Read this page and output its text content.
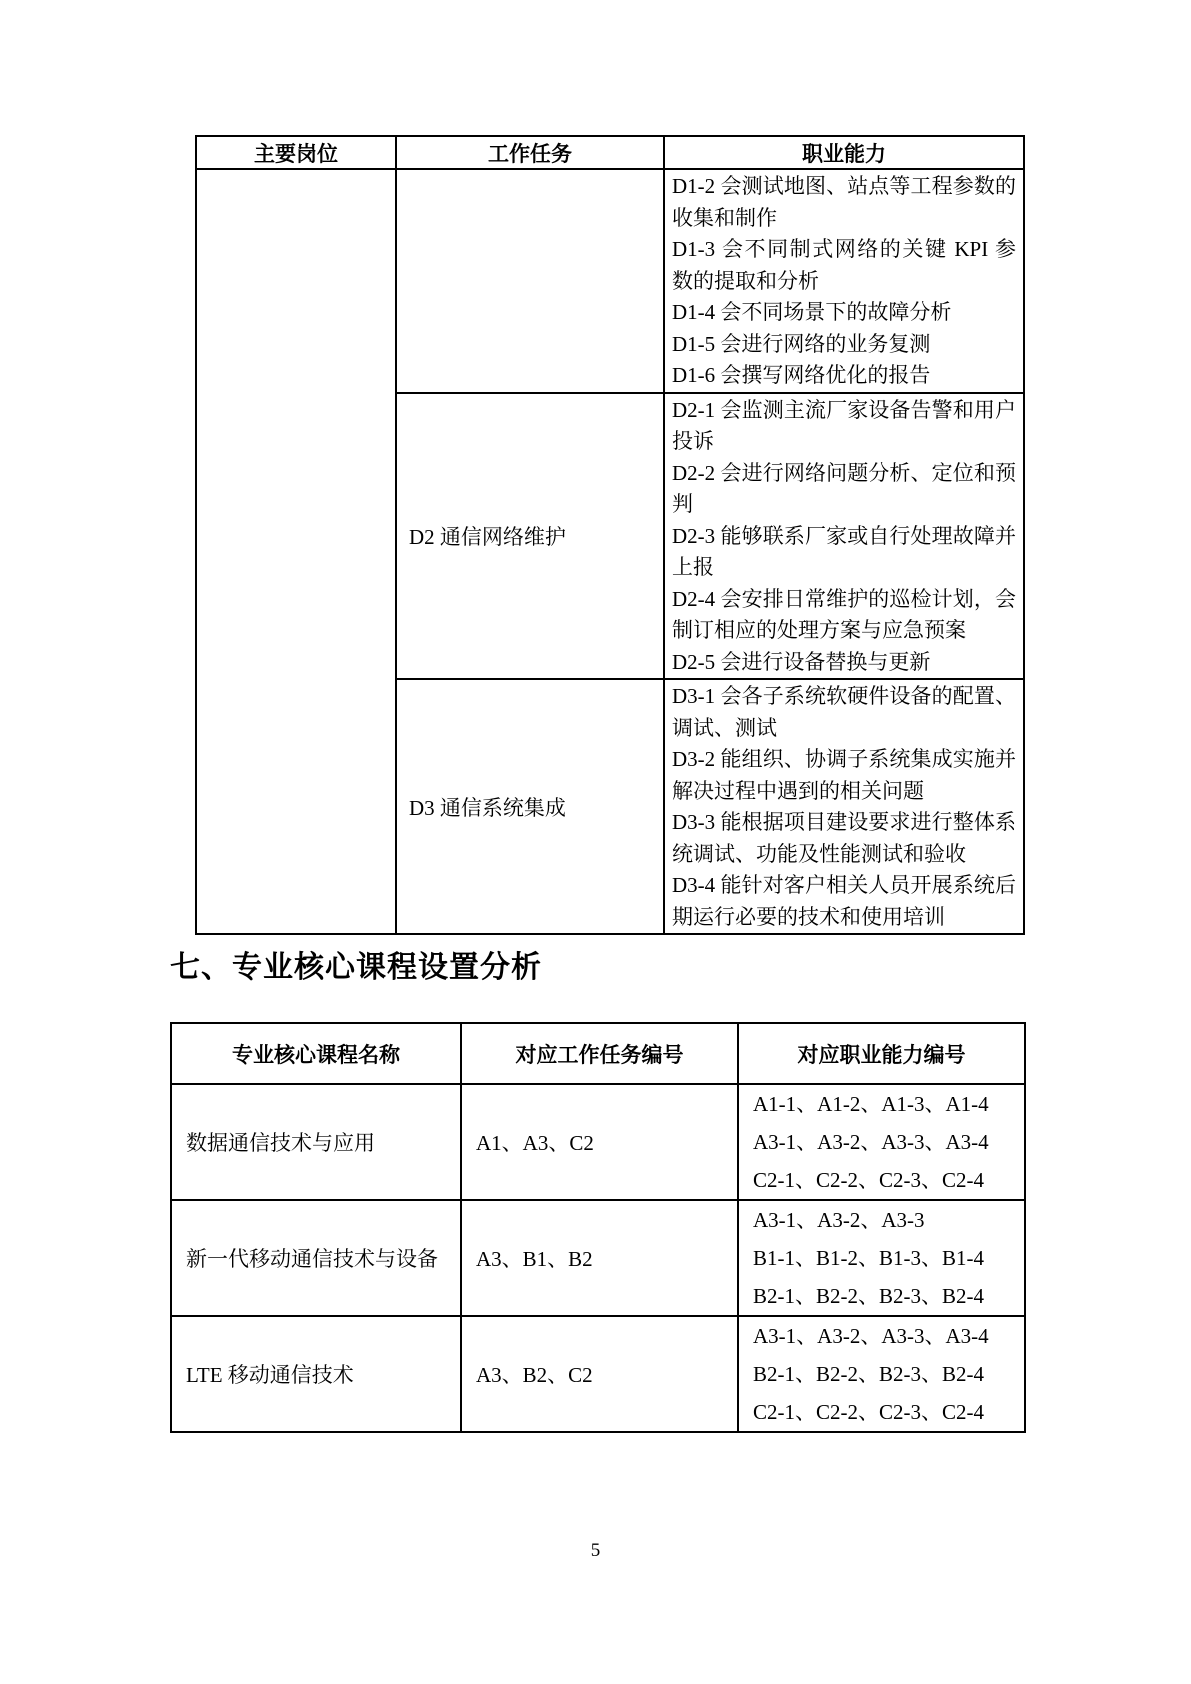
主要岗位	工作任务	职业能力

		D1-2 会测试地图、站点等工程参数的收集和制作
D1-3 会不同制式网络的关键 KPI 参数的提取和分析
D1-4 会不同场景下的故障分析
D1-5 会进行网络的业务复测
D1-6 会撰写网络优化的报告

	D2 通信网络维护	D2-1 会监测主流厂家设备告警和用户投诉
D2-2 会进行网络问题分析、定位和预判
D2-3 能够联系厂家或自行处理故障并上报
D2-4 会安排日常维护的巡检计划，会制订相应的处理方案与应急预案
D2-5 会进行设备替换与更新

	D3 通信系统集成	D3-1 会各子系统软硬件设备的配置、调试、测试
D3-2 能组织、协调子系统集成实施并解决过程中遇到的相关问题
D3-3 能根据项目建设要求进行整体系统调试、功能及性能测试和验收
D3-4 能针对客户相关人员开展系统后期运行必要的技术和使用培训
七、专业核心课程设置分析
专业核心课程名称	对应工作任务编号	对应职业能力编号
数据通信技术与应用	A1、A3、C2	A1-1、A1-2、A1-3、A1-4
A3-1、A3-2、A3-3、A3-4
C2-1、C2-2、C2-3、C2-4

新一代移动通信技术与设备	A3、B1、B2	A3-1、A3-2、A3-3
B1-1、B1-2、B1-3、B1-4
B2-1、B2-2、B2-3、B2-4

LTE 移动通信技术	A3、B2、C2	A3-1、A3-2、A3-3、A3-4
B2-1、B2-2、B2-3、B2-4
C2-1、C2-2、C2-3、C2-4
5
